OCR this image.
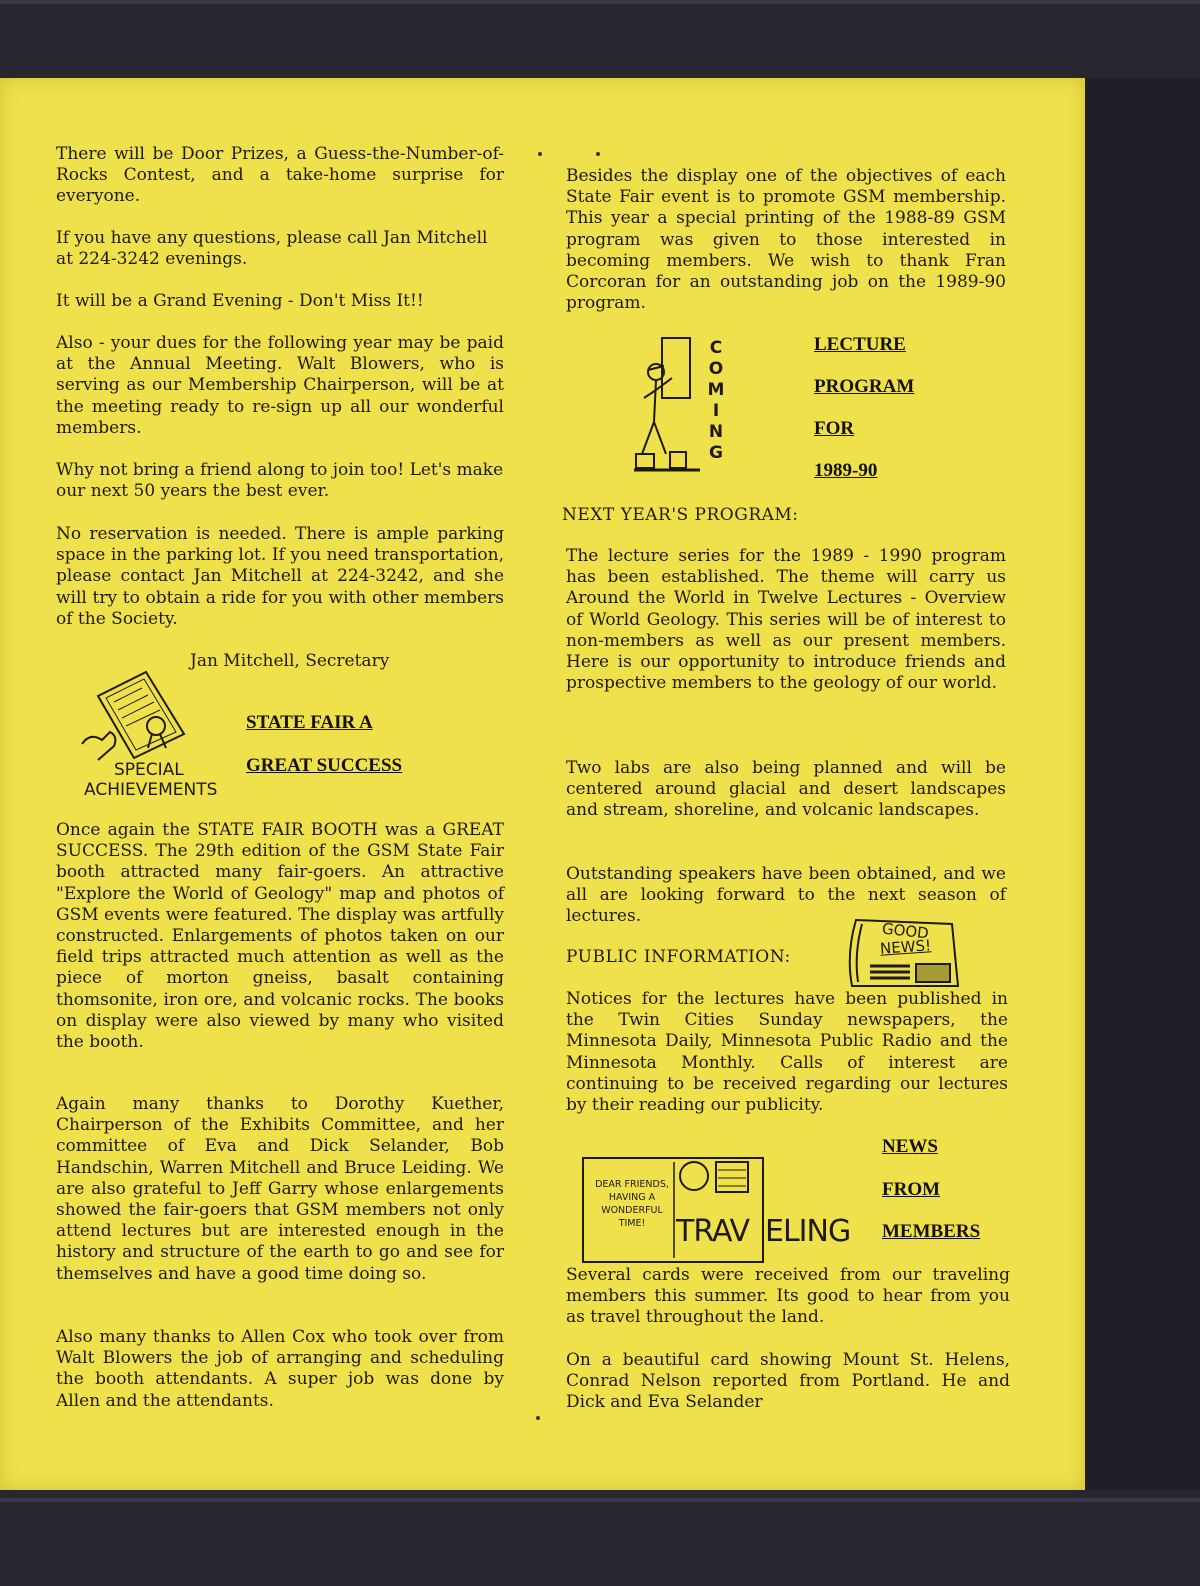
There will be Door Prizes, a Guess-the-Number-of-Rocks Contest, and a take-home surprise for everyone.

If you have any questions, please call Jan Mitchell at 224-3242 evenings.

It will be a Grand Evening - Don't Miss It!!

Also - your dues for the following year may be paid at the Annual Meeting. Walt Blowers, who is serving as our Membership Chairperson, will be at the meeting ready to re-sign up all our wonderful members.

Why not bring a friend along to join too! Let's make our next 50 years the best ever.

No reservation is needed. There is ample parking space in the parking lot. If you need transportation, please contact Jan Mitchell at 224-3242, and she will try to obtain a ride for you with other members of the Society.

Jan Mitchell, Secretary

SPECIAL
ACHIEVEMENTS

STATE FAIR A

GREAT SUCCESS

Once again the STATE FAIR BOOTH was a GREAT SUCCESS. The 29th edition of the GSM State Fair booth attracted many fair-goers. An attractive "Explore the World of Geology" map and photos of GSM events were featured. The display was artfully constructed. Enlargements of photos taken on our field trips attracted much attention as well as the piece of morton gneiss, basalt containing thomsonite, iron ore, and volcanic rocks. The books on display were also viewed by many who visited the booth.

Again many thanks to Dorothy Kuether, Chairperson of the Exhibits Committee, and her committee of Eva and Dick Selander, Bob Handschin, Warren Mitchell and Bruce Leiding. We are also grateful to Jeff Garry whose enlargements showed the fair-goers that GSM members not only attend lectures but are interested enough in the history and structure of the earth to go and see for themselves and have a good time doing so.

Also many thanks to Allen Cox who took over from Walt Blowers the job of arranging and scheduling the booth attendants. A super job was done by Allen and the attendants.

Besides the display one of the objectives of each State Fair event is to promote GSM membership. This year a special printing of the 1988-89 GSM program was given to those interested in becoming members. We wish to thank Fran Corcoran for an outstanding job on the 1989-90 program.

C
O
M
I
N
G

LECTURE

PROGRAM

FOR

1989-90

NEXT YEAR'S PROGRAM:

The lecture series for the 1989 - 1990 program has been established. The theme will carry us Around the World in Twelve Lectures - Overview of World Geology. This series will be of interest to non-members as well as our present members. Here is our opportunity to introduce friends and prospective members to the geology of our world.

Two labs are also being planned and will be centered around glacial and desert landscapes and stream, shoreline, and volcanic landscapes.

Outstanding speakers have been obtained, and we all are looking forward to the next season of lectures.

PUBLIC INFORMATION:

GOOD
NEWS!

Notices for the lectures have been published in the Twin Cities Sunday newspapers, the Minnesota Daily, Minnesota Public Radio and the Minnesota Monthly. Calls of interest are continuing to be received regarding our lectures by their reading our publicity.

DEAR FRIENDS,
HAVING A
WONDERFUL
TIME!	TRAV ELING

NEWS

FROM

MEMBERS

Several cards were received from our traveling members this summer. Its good to hear from you as travel throughout the land.

On a beautiful card showing Mount St. Helens, Conrad Nelson reported from Portland. He and Dick and Eva Selander
